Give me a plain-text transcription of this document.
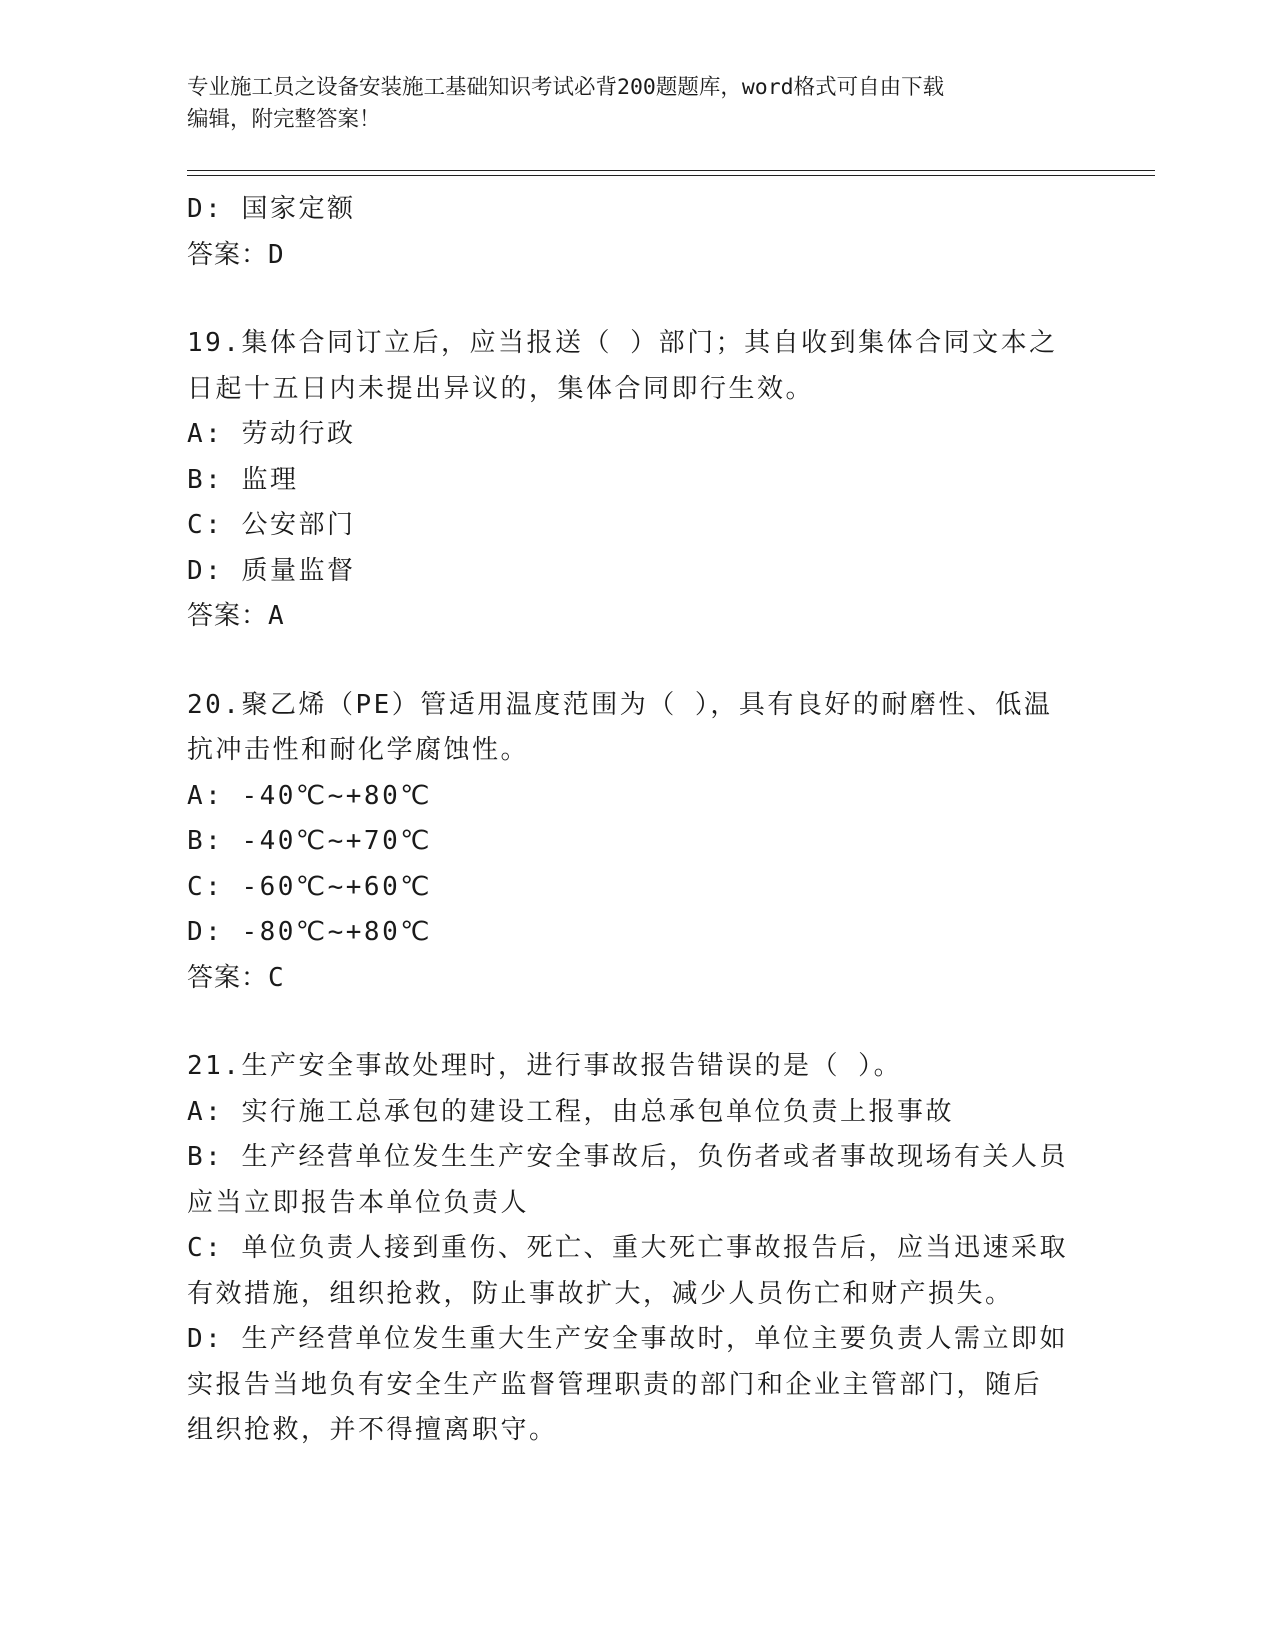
专业施工员之设备安装施工基础知识考试必背200题题库，word格式可自由下载
编辑，附完整答案！
D: 国家定额
答案：D
19.集体合同订立后，应当报送（ ）部门；其自收到集体合同文本之
日起十五日内未提出异议的，集体合同即行生效。
A: 劳动行政
B: 监理
C: 公安部门
D: 质量监督
答案：A
20.聚乙烯（PE）管适用温度范围为（ ），具有良好的耐磨性、低温
抗冲击性和耐化学腐蚀性。
A: -40℃~+80℃
B: -40℃~+70℃
C: -60℃~+60℃
D: -80℃~+80℃
答案：C
21.生产安全事故处理时，进行事故报告错误的是（ ）。
A: 实行施工总承包的建设工程，由总承包单位负责上报事故
B: 生产经营单位发生生产安全事故后，负伤者或者事故现场有关人员
应当立即报告本单位负责人
C: 单位负责人接到重伤、死亡、重大死亡事故报告后，应当迅速采取
有效措施，组织抢救，防止事故扩大，减少人员伤亡和财产损失。
D: 生产经营单位发生重大生产安全事故时，单位主要负责人需立即如
实报告当地负有安全生产监督管理职责的部门和企业主管部门，随后
组织抢救，并不得擅离职守。
